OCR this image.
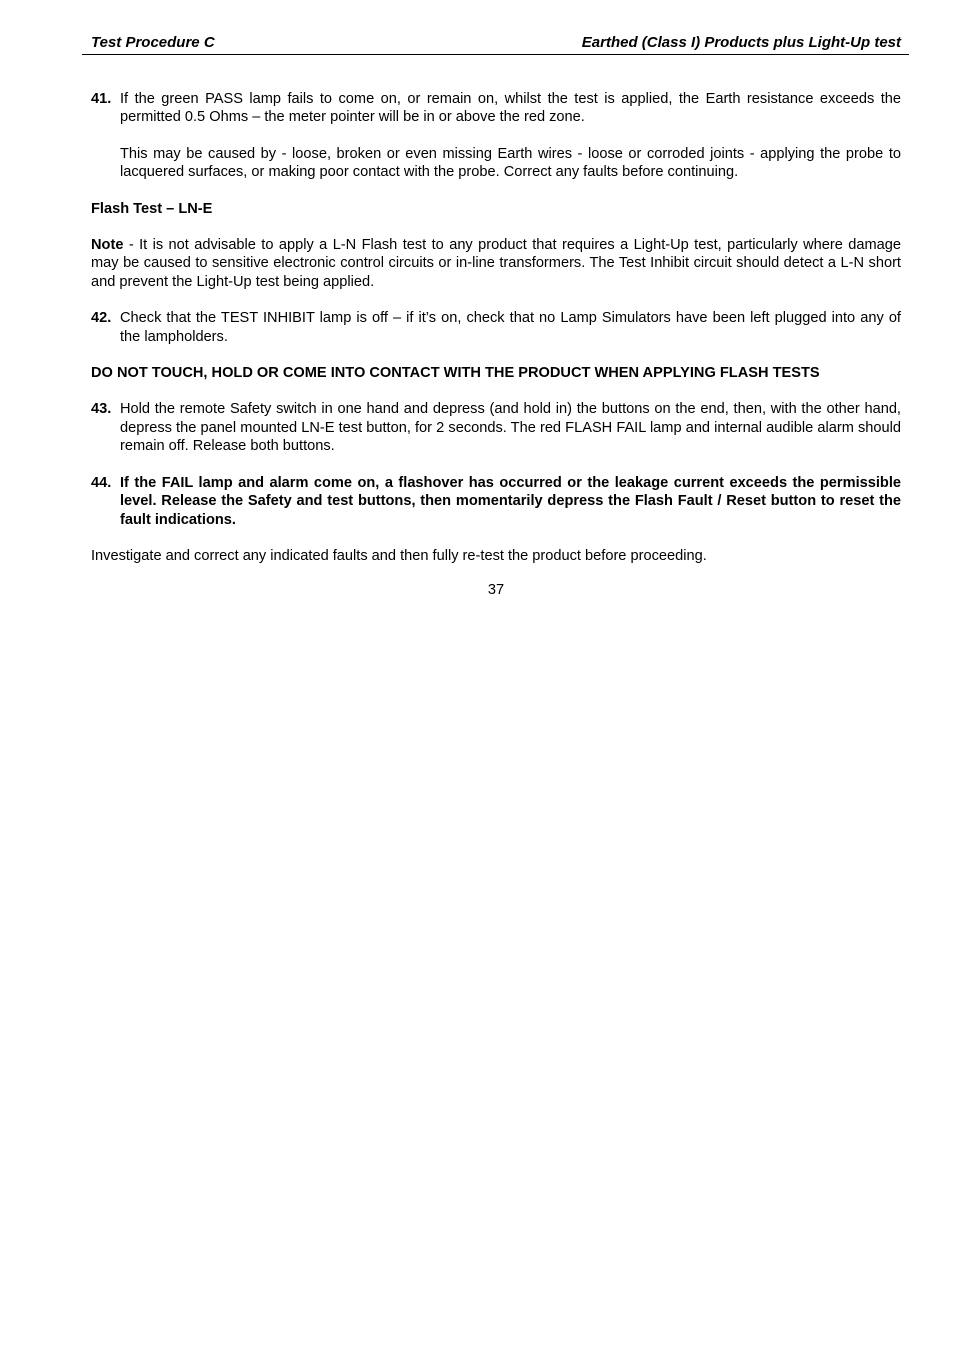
Test Procedure C	Earthed (Class I) Products plus Light-Up test
41. If the green PASS lamp fails to come on, or remain on, whilst the test is applied, the Earth resistance exceeds the permitted 0.5 Ohms – the meter pointer will be in or above the red zone.
This may be caused by - loose, broken or even missing Earth wires - loose or corroded joints - applying the probe to lacquered surfaces, or making poor contact with the probe. Correct any faults before continuing.
Flash Test – LN-E
Note - It is not advisable to apply a L-N Flash test to any product that requires a Light-Up test, particularly where damage may be caused to sensitive electronic control circuits or in-line transformers. The Test Inhibit circuit should detect a L-N short and prevent the Light-Up test being applied.
42. Check that the TEST INHIBIT lamp is off – if it’s on, check that no Lamp Simulators have been left plugged into any of the lampholders.
DO NOT TOUCH, HOLD OR COME INTO CONTACT WITH THE PRODUCT WHEN APPLYING FLASH TESTS
43. Hold the remote Safety switch in one hand and depress (and hold in) the buttons on the end, then, with the other hand, depress the panel mounted LN-E test button, for 2 seconds. The red FLASH FAIL lamp and internal audible alarm should remain off. Release both buttons.
44. If the FAIL lamp and alarm come on, a flashover has occurred or the leakage current exceeds the permissible level. Release the Safety and test buttons, then momentarily depress the Flash Fault / Reset button to reset the fault indications.
Investigate and correct any indicated faults and then fully re-test the product before proceeding.
37
